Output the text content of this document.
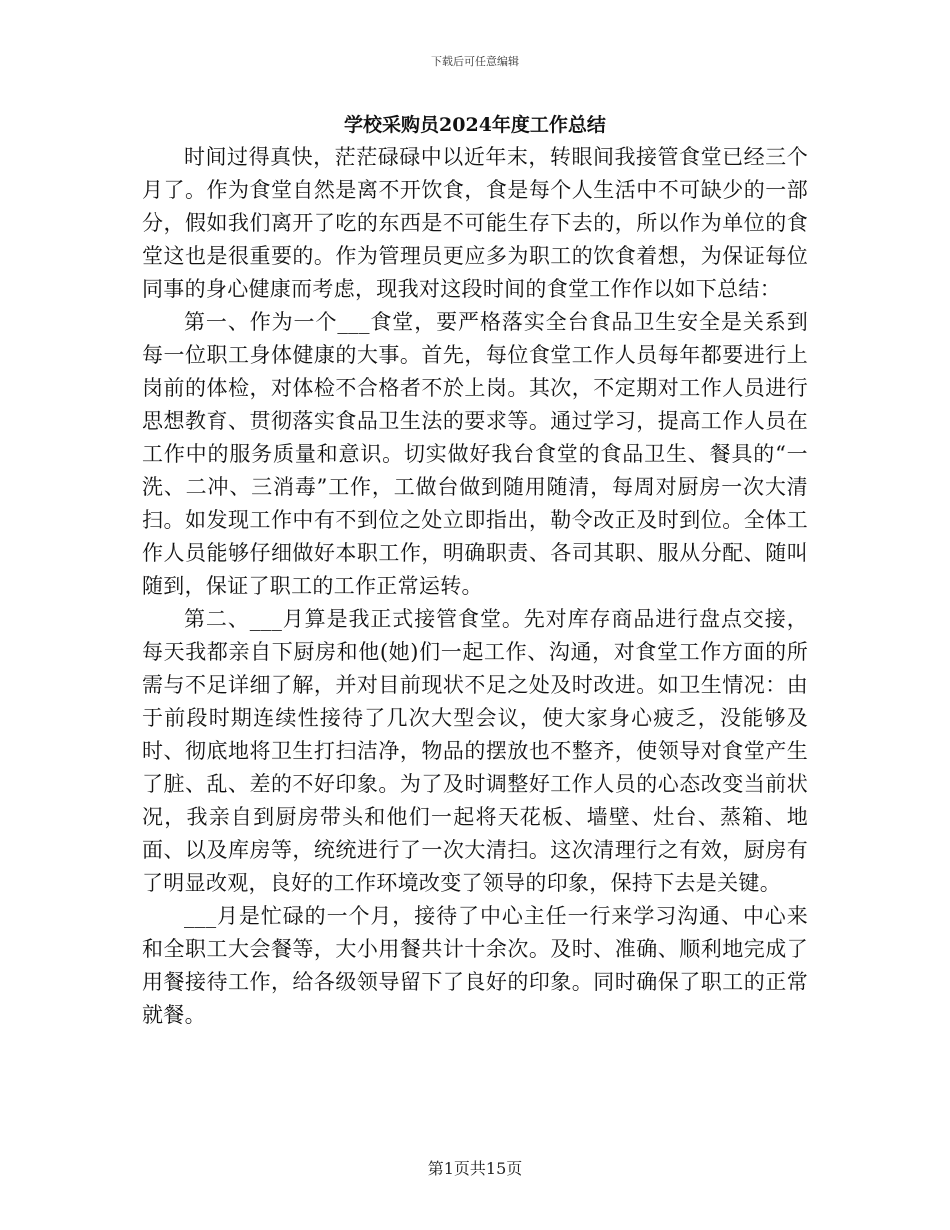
下载后可任意编辑
学校采购员2024年度工作总结

时间过得真快，茫茫碌碌中以近年末，转眼间我接管食堂已经三个月了。作为食堂自然是离不开饮食，食是每个人生活中不可缺少的一部分，假如我们离开了吃的东西是不可能生存下去的，所以作为单位的食堂这也是很重要的。作为管理员更应多为职工的饮食着想，为保证每位同事的身心健康而考虑，现我对这段时间的食堂工作作以如下总结：

第一、作为一个___食堂，要严格落实全台食品卫生安全是关系到每一位职工身体健康的大事。首先，每位食堂工作人员每年都要进行上岗前的体检，对体检不合格者不於上岗。其次，不定期对工作人员进行思想教育、贯彻落实食品卫生法的要求等。通过学习，提高工作人员在工作中的服务质量和意识。切实做好我台食堂的食品卫生、餐具的“一洗、二冲、三消毒”工作，工做台做到随用随清，每周对厨房一次大清扫。如发现工作中有不到位之处立即指出，勒令改正及时到位。全体工作人员能够仔细做好本职工作，明确职责、各司其职、服从分配、随叫随到，保证了职工的工作正常运转。

第二、___月算是我正式接管食堂。先对库存商品进行盘点交接，每天我都亲自下厨房和他(她)们一起工作、沟通，对食堂工作方面的所需与不足详细了解，并对目前现状不足之处及时改进。如卫生情况：由于前段时期连续性接待了几次大型会议，使大家身心疲乏，没能够及时、彻底地将卫生打扫洁净，物品的摆放也不整齐，使领导对食堂产生了脏、乱、差的不好印象。为了及时调整好工作人员的心态改变当前状况，我亲自到厨房带头和他们一起将天花板、墙壁、灶台、蒸箱、地面、以及库房等，统统进行了一次大清扫。这次清理行之有效，厨房有了明显改观，良好的工作环境改变了领导的印象，保持下去是关键。

___月是忙碌的一个月，接待了中心主任一行来学习沟通、中心来和全职工大会餐等，大小用餐共计十余次。及时、准确、顺利地完成了用餐接待工作，给各级领导留下了良好的印象。同时确保了职工的正常就餐。

第1页共15页
